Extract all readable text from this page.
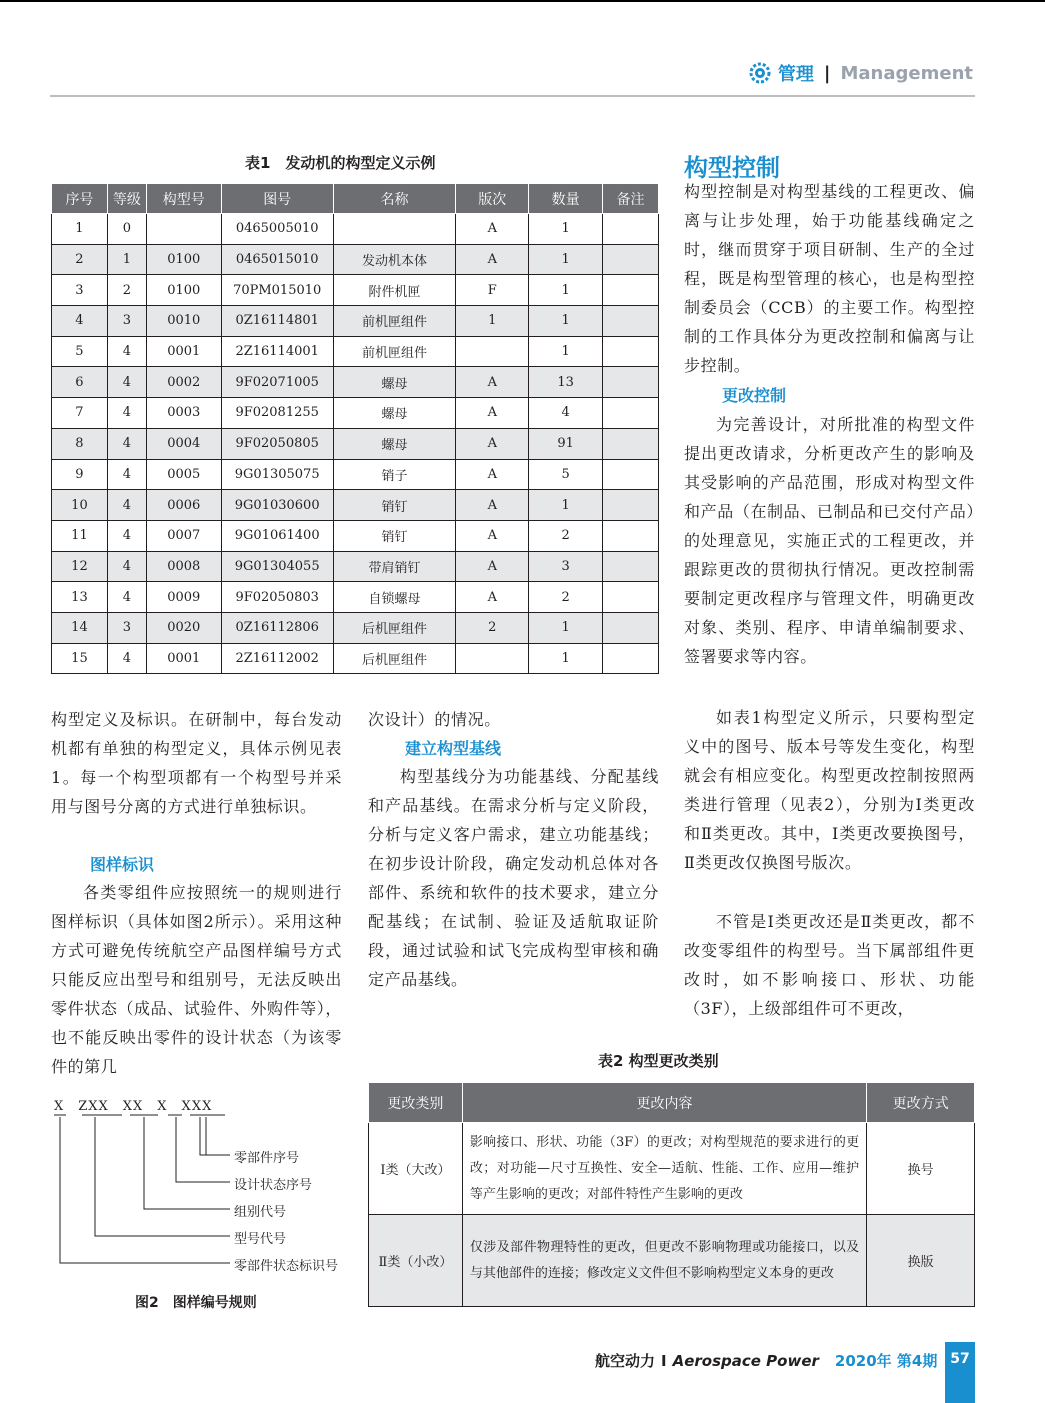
管理 | Management
表1　发动机的构型定义示例
序号	等级	构型号	图号	名称	版次	数量	备注
1	0		0465005010		A	1	
2	1	0100	0465015010	发动机本体	A	1	
3	2	0100	70PM015010	附件机匣	F	1	
4	3	0010	0Z16114801	前机匣组件	1	1	
5	4	0001	2Z16114001	前机匣组件		1	
6	4	0002	9F02071005	螺母	A	13	
7	4	0003	9F02081255	螺母	A	4	
8	4	0004	9F02050805	螺母	A	91	
9	4	0005	9G01305075	销子	A	5	
10	4	0006	9G01030600	销钉	A	1	
11	4	0007	9G01061400	销钉	A	2	
12	4	0008	9G01304055	带肩销钉	A	3	
13	4	0009	9F02050803	自锁螺母	A	2	
14	3	0020	0Z16112806	后机匣组件	2	1	
15	4	0001	2Z16112002	后机匣组件		1	
构型定义及标识。在研制中，每台发动机都有单独的构型定义，具体示例见表1。每一个构型项都有一个构型号并采用与图号分离的方式进行单独标识。
图样标识
各类零组件应按照统一的规则进行图样标识（具体如图2所示）。采用这种方式可避免传统航空产品图样编号方式只能反应出型号和组别号，无法反映出零件状态（成品、试验件、外购件等），也不能反映出零件的设计状态（为该零件的第几
次设计）的情况。
建立构型基线
构型基线分为功能基线、分配基线和产品基线。在需求分析与定义阶段，分析与定义客户需求，建立功能基线；在初步设计阶段，确定发动机总体对各部件、系统和软件的技术要求，建立分配基线；在试制、验证及适航取证阶段，通过试验和试飞完成构型审核和确定产品基线。
构型控制
构型控制是对构型基线的工程更改、偏离与让步处理，始于功能基线确定之时，继而贯穿于项目研制、生产的全过程，既是构型管理的核心，也是构型控制委员会（CCB）的主要工作。构型控制的工作具体分为更改控制和偏离与让步控制。
更改控制
为完善设计，对所批准的构型文件提出更改请求，分析更改产生的影响及其受影响的产品范围，形成对构型文件和产品（在制品、已制品和已交付产品）的处理意见，实施正式的工程更改，并跟踪更改的贯彻执行情况。更改控制需要制定更改程序与管理文件，明确更改对象、类别、程序、申请单编制要求、签署要求等内容。
如表1构型定义所示，只要构型定义中的图号、版本号等发生变化，构型就会有相应变化。构型更改控制按照两类进行管理（见表2），分别为Ⅰ类更改和Ⅱ类更改。其中，Ⅰ类更改要换图号，Ⅱ类更改仅换图号版次。
不管是Ⅰ类更改还是Ⅱ类更改，都不改变零组件的构型号。当下属部组件更改时，如不影响接口、形状、功能（3F），上级部组件可不更改，
X　ZXX　XX　X　XXX
零部件序号
设计状态序号
组别代号
型号代号
零部件状态标识号
图2　图样编号规则
表2 构型更改类别
更改类别	更改内容	更改方式
Ⅰ类（大改）	影响接口、形状、功能（3F）的更改；对构型规范的要求进行的更改；对功能—尺寸互换性、安全—适航、性能、工作、应用—维护等产生影响的更改；对部件特性产生影响的更改	换号
Ⅱ类（小改）	仅涉及部件物理特性的更改，但更改不影响物理或功能接口，以及与其他部件的连接；修改定义文件但不影响构型定义本身的更改	换版
航空动力 I Aerospace Power 2020年 第4期 57
